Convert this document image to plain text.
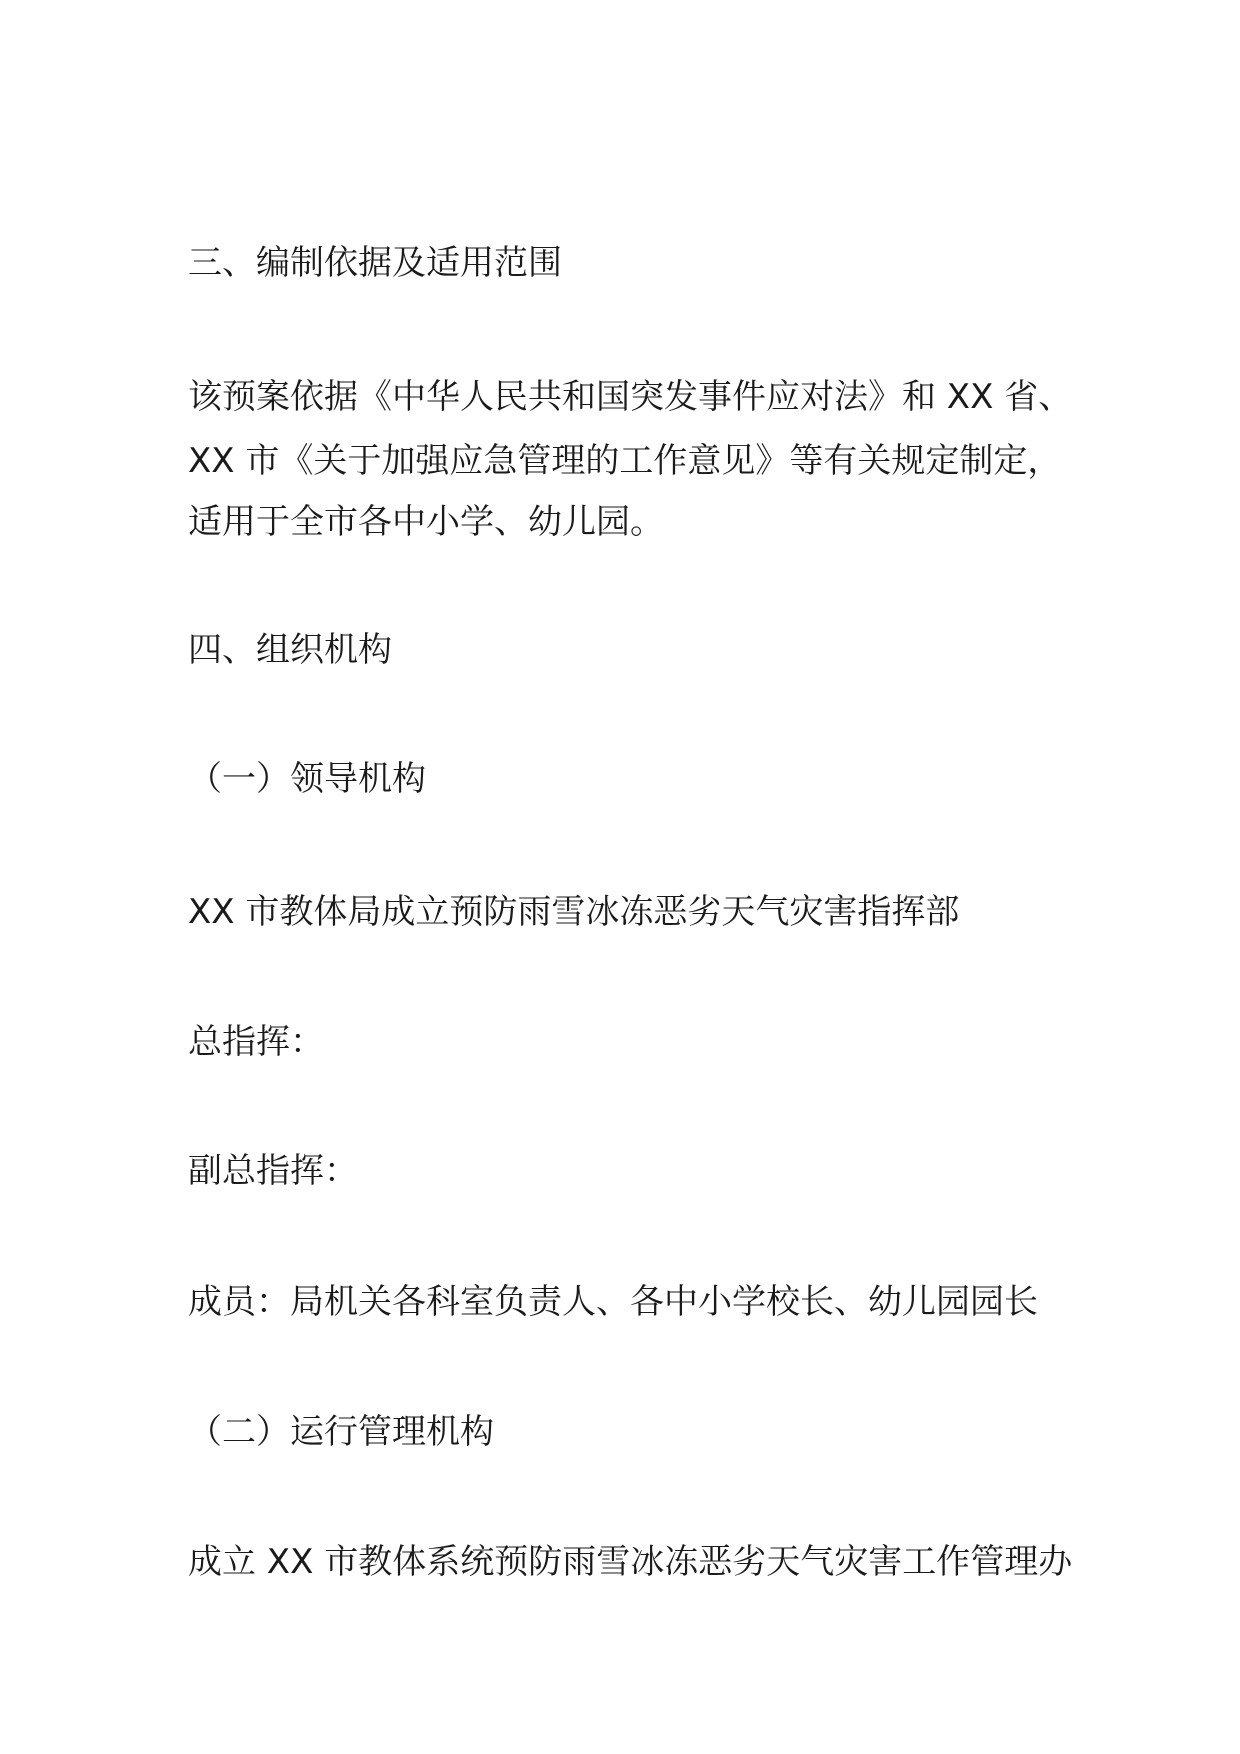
三、编制依据及适用范围

该预案依据《中华人民共和国突发事件应对法》和 XX 省、

XX 市《关于加强应急管理的工作意见》等有关规定制定，

适用于全市各中小学、幼儿园。

四、组织机构
（一）领导机构

XX 市教体局成立预防雨雪冰冻恶劣天气灾害指挥部

总指挥：

副总指挥：

成员：局机关各科室负责人、各中小学校长、幼儿园园长

（二）运行管理机构

成立 XX 市教体系统预防雨雪冰冻恶劣天气灾害工作管理办
